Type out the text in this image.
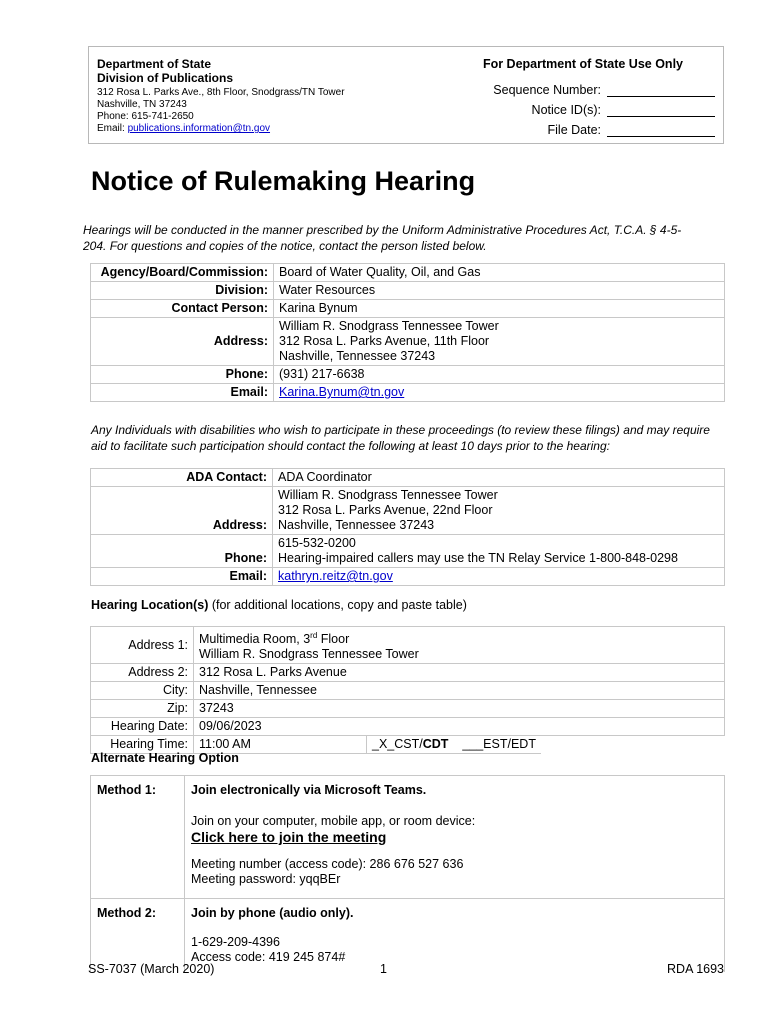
Department of State
Division of Publications
312 Rosa L. Parks Ave., 8th Floor, Snodgrass/TN Tower
Nashville, TN 37243
Phone: 615-741-2650
Email: publications.information@tn.gov
For Department of State Use Only
Sequence Number:
Notice ID(s):
File Date:
Notice of Rulemaking Hearing
Hearings will be conducted in the manner prescribed by the Uniform Administrative Procedures Act, T.C.A. § 4-5-204. For questions and copies of the notice, contact the person listed below.
Agency/Board/Commission:	Board of Water Quality, Oil, and Gas
Division:	Water Resources
Contact Person:	Karina Bynum
Address:	William R. Snodgrass Tennessee Tower
312 Rosa L. Parks Avenue, 11th Floor
Nashville, Tennessee 37243

Phone:	(931) 217-6638
Email:	Karina.Bynum@tn.gov
Any Individuals with disabilities who wish to participate in these proceedings (to review these filings) and may require aid to facilitate such participation should contact the following at least 10 days prior to the hearing:
ADA Contact:	ADA Coordinator
Address:	William R. Snodgrass Tennessee Tower
312 Rosa L. Parks Avenue, 22nd Floor
Nashville, Tennessee 37243

Phone:	615-532-0200
Hearing-impaired callers may use the TN Relay Service 1-800-848-0298

Email:	kathryn.reitz@tn.gov
Hearing Location(s) (for additional locations, copy and paste table)
Address 1:	Multimedia Room, 3rd Floor
William R. Snodgrass Tennessee Tower		

Address 2:	312 Rosa L. Parks Avenue		
City:	Nashville, Tennessee		
Zip:	37243		
Hearing Date:	09/06/2023		
Hearing Time:	11:00 AM	_X_CST/CDT ___EST/EDT	
Alternate Hearing Option
Method 1:	Join electronically via Microsoft Teams.
Join on your computer, mobile app, or room device:
Click here to join the meeting
Meeting number (access code): 286 676 527 636
Meeting password: yqqBEr

Method 2:	Join by phone (audio only).
1-629-209-4396
Access code: 419 245 874#
SS-7037 (March 2020)	1	RDA 1693
